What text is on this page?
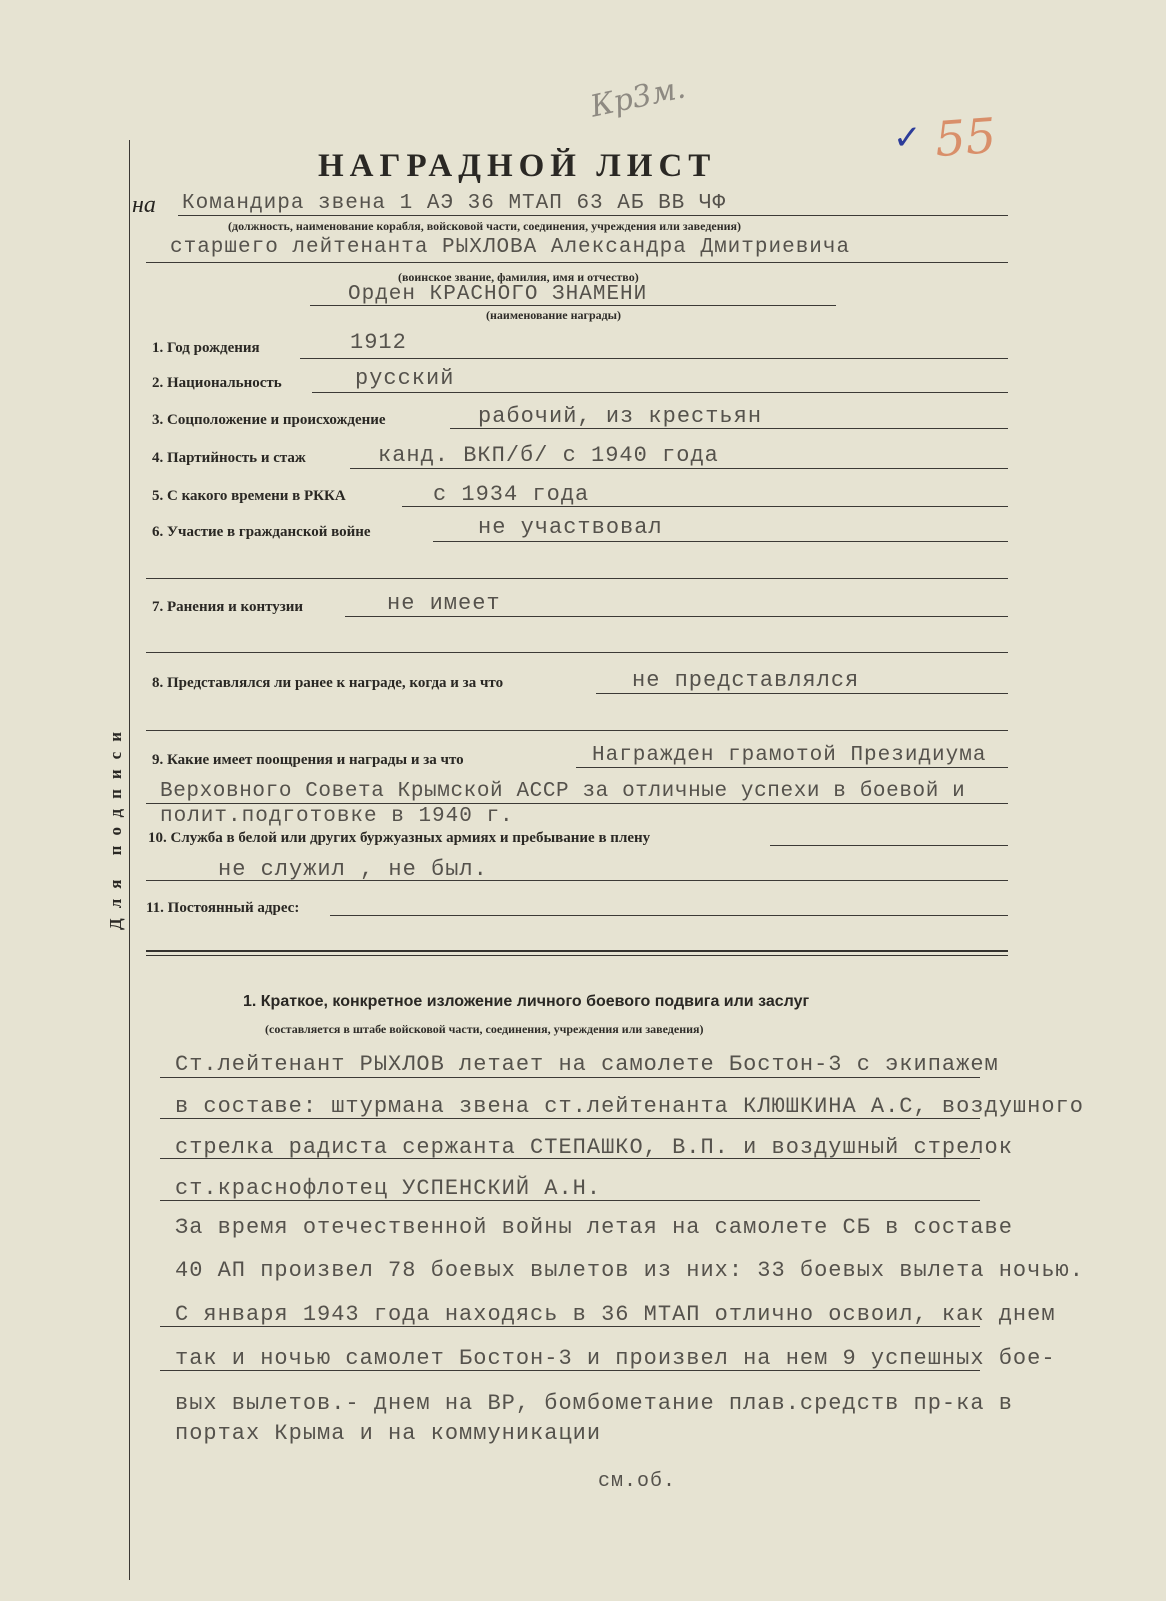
Кр3м.
✓ 55
Для подписи
НАГРАДНОЙ ЛИСТ
на Командира звена 1 АЭ 36 МТАП 63 АБ ВВ ЧФ
(должность, наименование корабля, войсковой части, соединения, учреждения или заведения)
старшего лейтенанта РЫХЛОВА Александра Дмитриевича
(воинское звание, фамилия, имя и отчество)
Орден КРАСНОГО ЗНАМЕНИ
(наименование награды)
1. Год рождения	1912
2. Национальность	русский
3. Соцположение и происхождение	рабочий, из крестьян
4. Партийность и стаж	канд. ВКП/б/ с 1940 года
5. С какого времени в РККА	с 1934 года
6. Участие в гражданской войне	не участвовал
7. Ранения и контузии	не имеет
8. Представлялся ли ранее к награде, когда и за что	не представлялся
9. Какие имеет поощрения и награды и за что	Награжден грамотой Президиума
Верховного Совета Крымской АССР за отличные успехи в боевой и
полит.подготовке в 1940 г.
10. Служба в белой или других буржуазных армиях и пребывание в плену
не служил , не был.
11. Постоянный адрес:
1. Краткое, конкретное изложение личного боевого подвига или заслуг
(составляется в штабе войсковой части, соединения, учреждения или заведения)
Ст.лейтенант РЫХЛОВ летает на самолете Бостон-3 с экипажем
в составе: штурмана звена ст.лейтенанта КЛЮШКИНА А.С, воздушного
стрелка радиста сержанта СТЕПАШКО, В.П. и воздушный стрелок
ст.краснофлотец УСПЕНСКИЙ А.Н.
За время отечественной войны летая на самолете СБ в составе
40 АП произвел 78 боевых вылетов из них: 33 боевых вылета ночью.
С января 1943 года находясь в 36 МТАП отлично освоил, как днем
так и ночью самолет Бостон-3 и произвел на нем 9 успешных бое-
вых вылетов.- днем на ВР, бомбометание плав.средств пр-ка в
портах Крыма и на коммуникации
см.об.
